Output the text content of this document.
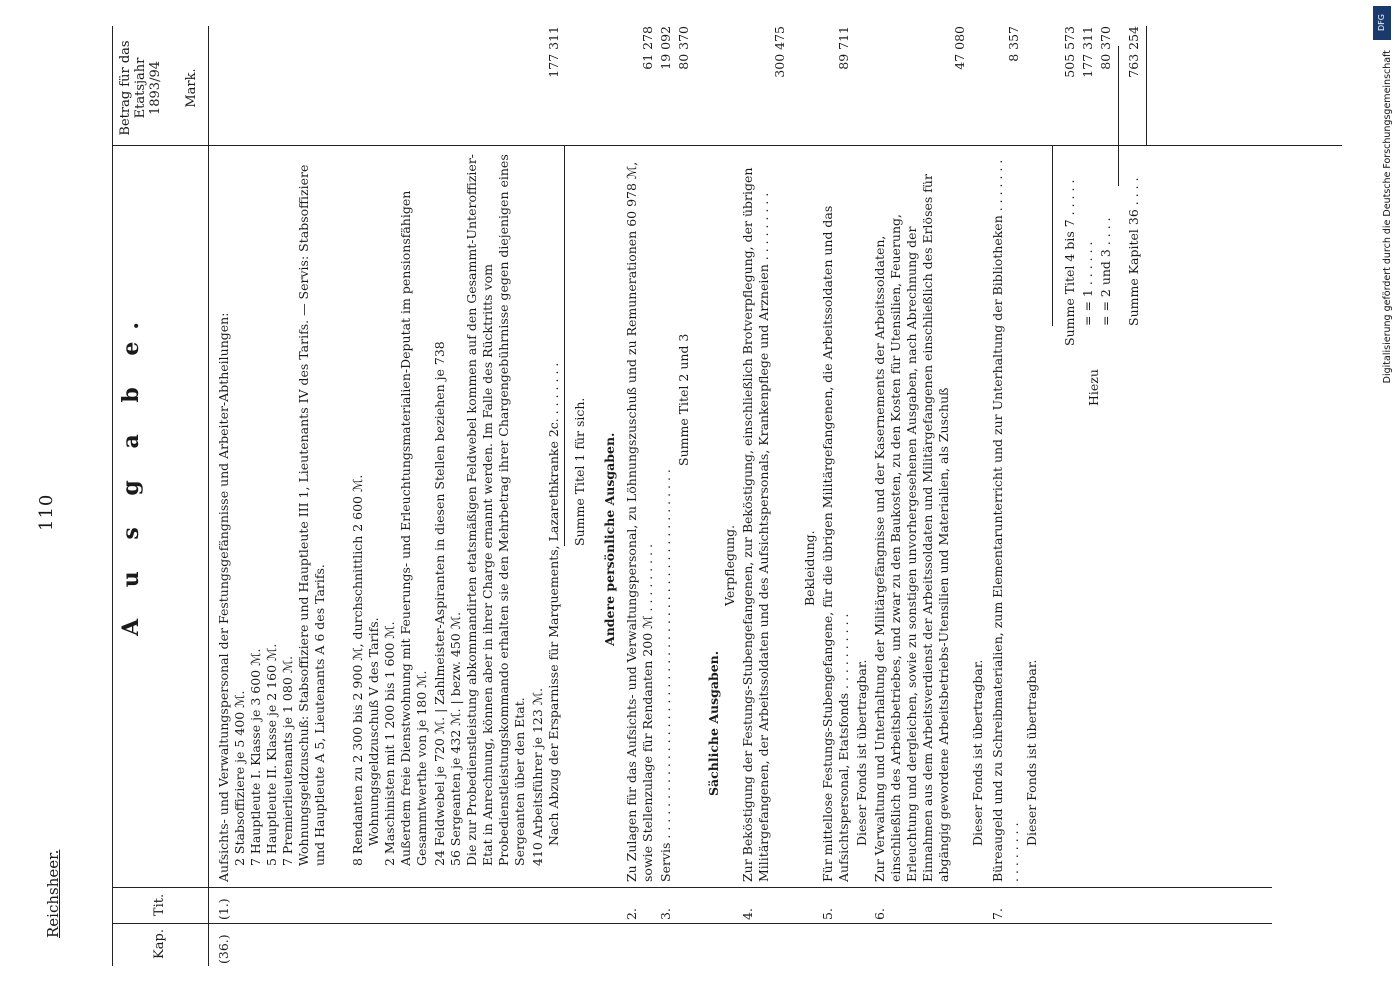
Reichsheer.
110
Kap.
Tit.
Betrag für das Etatsjahr 1893/94 Mark.
A u s g a b e.
(36.)
(1.)
Aufsichts- und Verwaltungspersonal der Festungsgefängnisse und Arbeiter-Abtheilungen: 2 Stabsoffiziere je 5 400 ℳ. 7 Hauptleute I. Klasse je 3 600 ℳ. 5 Hauptleute II. Klasse je 2 160 ℳ. 7 Premierlieutenants je 1 080 ℳ. Wohnungsgeldzuschuß: Stabsoffiziere und Hauptleute III 1, Lieutenants IV des Tarifs. — Servis: Stabsoffiziere und Hauptleute A 5, Lieutenants A 6 des Tarifs. 8 Rendanten zu 2 300 bis 2 900 ℳ, durchschnittlich 2 600 ℳ. Wohnungsgeldzuschuß V des Tarifs. 2 Maschinisten mit 1 200 bis 1 600 ℳ. Außerdem freie Dienstwohnung mit Feuerungs- und Erleuchtungsmaterialien-Deputat im pensionsfähigen Gesammtwerthe von je 180 ℳ. 24 Feldwebel je 720 ℳ. | Zahlmeister-Aspiranten in diesen Stellen beziehen je 738 56 Sergeanten je 432 ℳ. | bezw. 450 ℳ. Die zur Probedienstleistung abkommandirten etatsmäßigen Feldwebel kommen auf den Gesammt-Unteroffizier-Etat in Anrechnung, können aber in ihrer Charge ernannt werden. Im Falle des Rücktritts vom Probedienstleistungskommando erhalten sie den Mehrbetrag ihrer Chargengebührnisse gegen diejenigen eines Sergeanten über den Etat. 410 Arbeitsführer je 123 ℳ. Nach Abzug der Ersparnisse für Marquements, Lazarethkranke 2c. . . . . . . .
177 311
Summe Titel 1 für sich. Andere persönliche Ausgaben.
2.
Zu Zulagen für das Aufsichts- und Verwaltungspersonal, zu Löhnungszuschuß und zu Remunerationen 60 978 ℳ, sowie Stellenzulage für Rendanten 200 ℳ . . . . . . . . .
61 278
3.
Servis . . . . . . . . . . . . . . . . . . . . . . . . . . . . . . . . . . . . . . . . . . . . . . .
19 092
Summe Titel 2 und 3
80 370
Sächliche Ausgaben.
Verpflegung.
4.
Zur Beköstigung der Festungs-Stubengefangenen, zur Beköstigung, einschließlich Brotverpflegung, der übrigen Militärgefangenen, der Arbeitssoldaten und des Aufsichtspersonals, Krankenpflege und Arzneien . . . . . . . . .
300 475
Bekleidung.
5.
Für mittellose Festungs-Stubengefangene, für die übrigen Militärgefangenen, die Arbeitssoldaten und das Aufsichtspersonal, Etatsfonds . . . . . . . . . .
89 711
Dieser Fonds ist übertragbar.
6.
Zur Verwaltung und Unterhaltung der Militärgefängnisse und der Kasernements der Arbeitssoldaten, einschließlich des Arbeitsbetriebes, und zwar zu den Baukosten, zu den Kosten für Utensilien, Feuerung, Erleuchtung und dergleichen, sowie zu sonstigen unvorhergesehenen Ausgaben, nach Abrechnung der Einnahmen aus dem Arbeitsverdienst der Arbeitssoldaten und Militärgefangenen einschließlich des Erlöses für abgängig gewordene Arbeitsbetriebs-Utensilien und Materialien, als Zuschuß
47 080
Dieser Fonds ist übertragbar.
7.
Büreaugeld und zu Schreibmaterialien, zum Elementarunterricht und zur Unterhaltung der Bibliotheken . . . . . . . . . . . . . . .
8 357
Dieser Fonds ist übertragbar.
Summe Titel 4 bis 7 . . . . .
505 573
Hiezu
= = 1 . . . . . .
177 311
= = 2 und 3 . . . .
80 370
Summe Kapitel 36 . . . .
763 254
DFG
Digitalisierung gefördert durch die Deutsche Forschungsgemeinschaft
